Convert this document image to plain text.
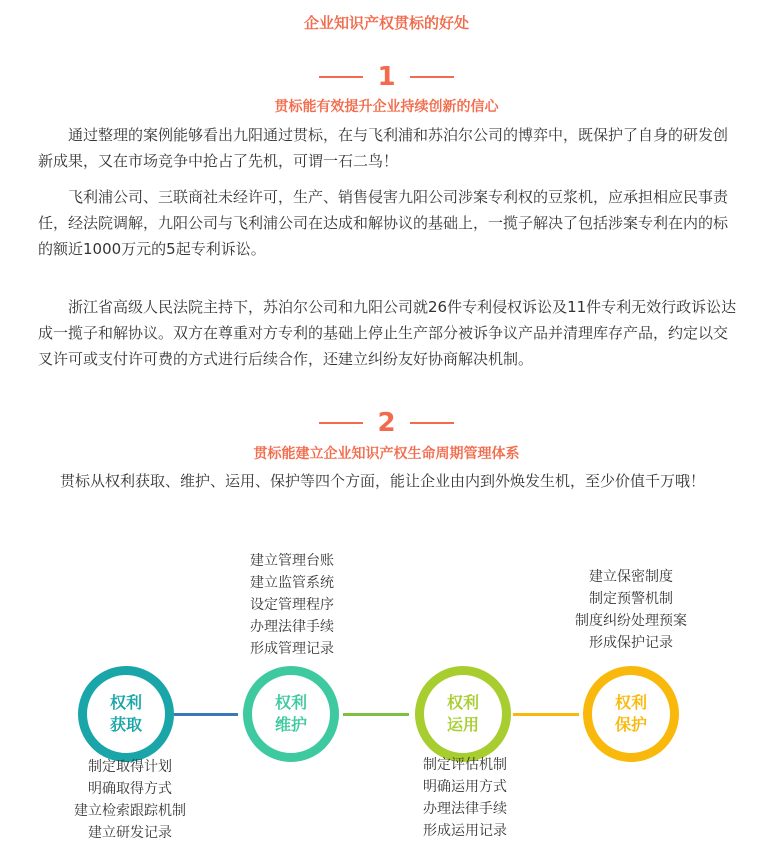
企业知识产权贯标的好处
1
贯标能有效提升企业持续创新的信心

通过整理的案例能够看出九阳通过贯标，在与飞利浦和苏泊尔公司的博弈中，既保护了自身的研发创新成果，又在市场竞争中抢占了先机，可谓一石二鸟！

飞利浦公司、三联商社未经许可，生产、销售侵害九阳公司涉案专利权的豆浆机，应承担相应民事责任，经法院调解，九阳公司与飞利浦公司在达成和解协议的基础上，一揽子解决了包括涉案专利在内的标的额近1000万元的5起专利诉讼。

浙江省高级人民法院主持下，苏泊尔公司和九阳公司就26件专利侵权诉讼及11件专利无效行政诉讼达成一揽子和解协议。双方在尊重对方专利的基础上停止生产部分被诉争议产品并清理库存产品，约定以交叉许可或支付许可费的方式进行后续合作，还建立纠纷友好协商解决机制。

2
贯标能建立企业知识产权生命周期管理体系

贯标从权利获取、维护、运用、保护等四个方面，能让企业由内到外焕发生机，至少价值千万哦！

权利获取
权利维护
权利运用
权利保护
制定取得计划
明确取得方式
建立检索跟踪机制
建立研发记录
建立管理台账
建立监管系统
设定管理程序
办理法律手续
形成管理记录
制定评估机制
明确运用方式
办理法律手续
形成运用记录
建立保密制度
制定预警机制
制度纠纷处理预案
形成保护记录
